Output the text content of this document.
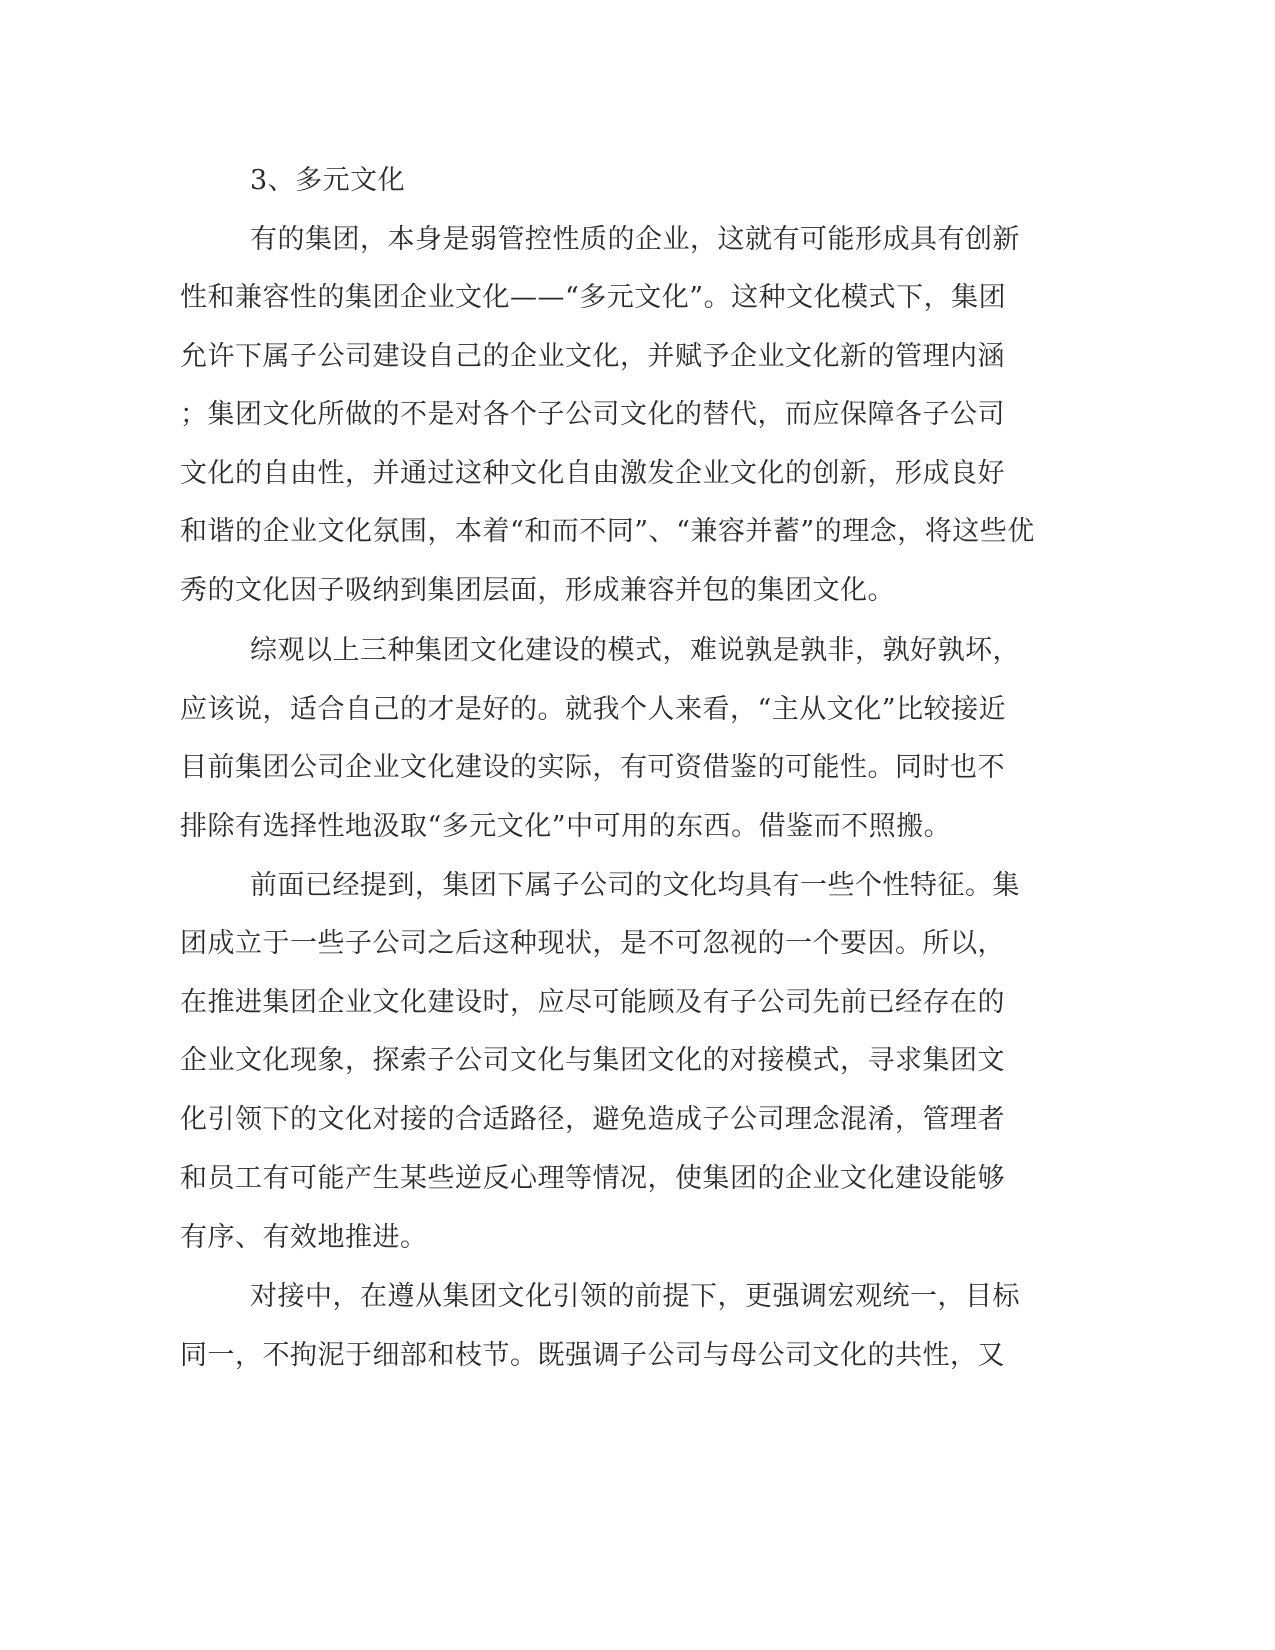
3、多元文化
有的集团，本身是弱管控性质的企业，这就有可能形成具有创新
性和兼容性的集团企业文化——“多元文化”。这种文化模式下，集团
允许下属子公司建设自己的企业文化，并赋予企业文化新的管理内涵
；集团文化所做的不是对各个子公司文化的替代，而应保障各子公司
文化的自由性，并通过这种文化自由激发企业文化的创新，形成良好
和谐的企业文化氛围，本着“和而不同”、“兼容并蓄”的理念，将这些优
秀的文化因子吸纳到集团层面，形成兼容并包的集团文化。
综观以上三种集团文化建设的模式，难说孰是孰非，孰好孰坏，
应该说，适合自己的才是好的。就我个人来看，“主从文化”比较接近
目前集团公司企业文化建设的实际，有可资借鉴的可能性。同时也不
排除有选择性地汲取“多元文化”中可用的东西。借鉴而不照搬。
前面已经提到，集团下属子公司的文化均具有一些个性特征。集
团成立于一些子公司之后这种现状，是不可忽视的一个要因。所以，
在推进集团企业文化建设时，应尽可能顾及有子公司先前已经存在的
企业文化现象，探索子公司文化与集团文化的对接模式，寻求集团文
化引领下的文化对接的合适路径，避免造成子公司理念混淆，管理者
和员工有可能产生某些逆反心理等情况，使集团的企业文化建设能够
有序、有效地推进。
对接中，在遵从集团文化引领的前提下，更强调宏观统一，目标
同一，不拘泥于细部和枝节。既强调子公司与母公司文化的共性，又
